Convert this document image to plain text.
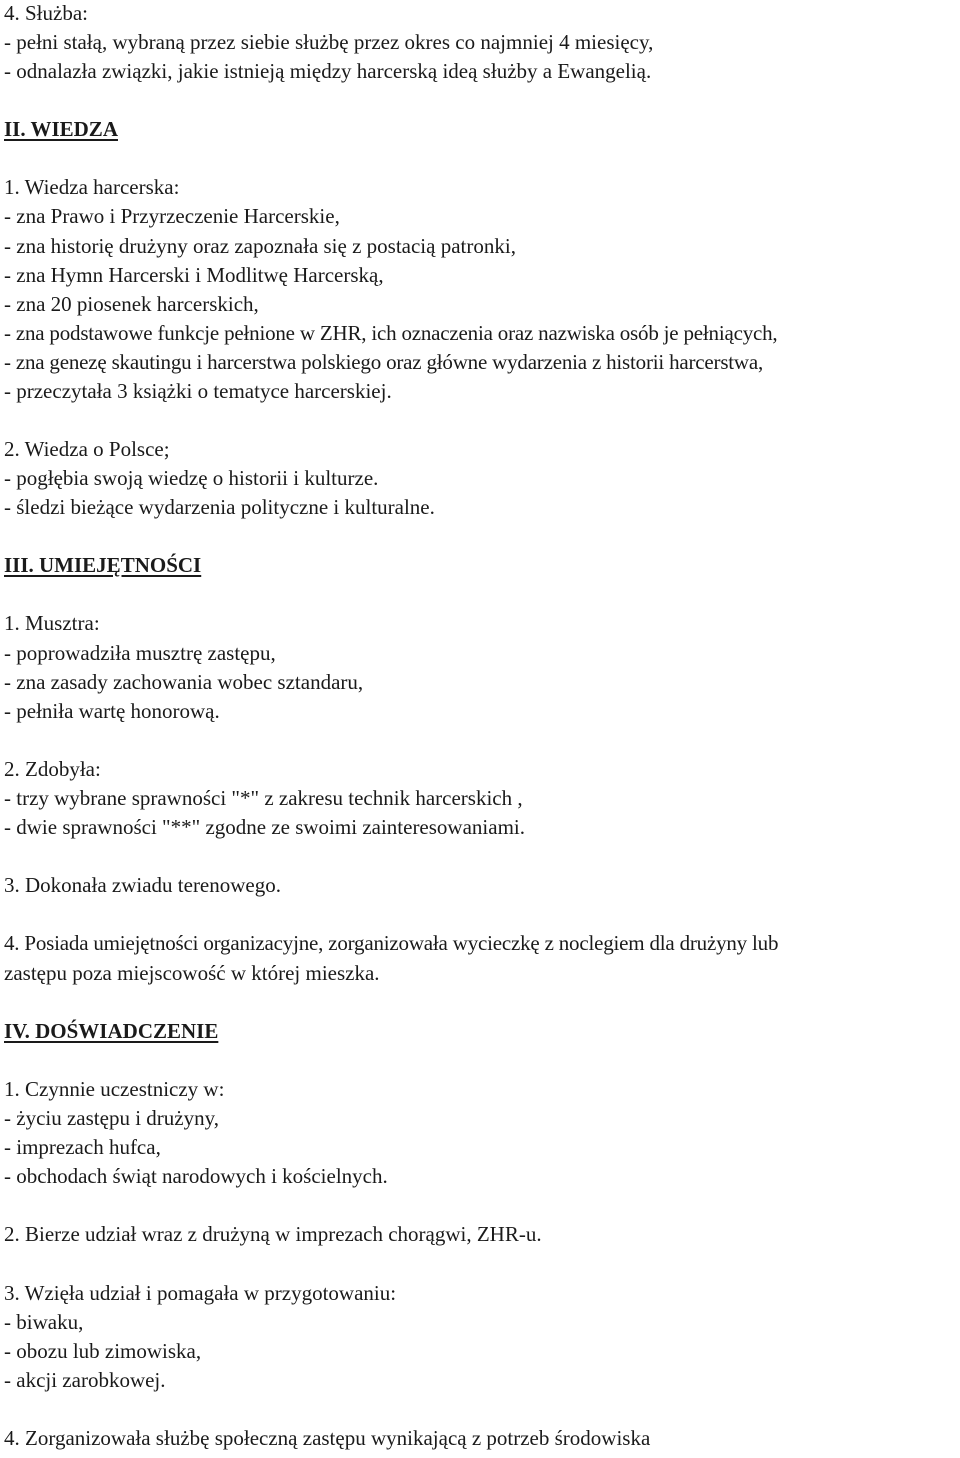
4. Służba:
- pełni stałą, wybraną przez siebie służbę przez okres co najmniej 4 miesięcy,
- odnalazła związki, jakie istnieją między harcerską ideą służby a Ewangelią.
II. WIEDZA
1. Wiedza harcerska:
- zna Prawo i Przyrzeczenie Harcerskie,
- zna historię drużyny oraz zapoznała się z postacią patronki,
- zna Hymn Harcerski i Modlitwę Harcerską,
- zna 20 piosenek harcerskich,
- zna podstawowe funkcje pełnione w ZHR, ich oznaczenia oraz nazwiska osób je pełniących,
- zna genezę skautingu i harcerstwa polskiego oraz główne wydarzenia z historii harcerstwa,
- przeczytała 3 książki o tematyce harcerskiej.
2. Wiedza o Polsce;
- pogłębia swoją wiedzę o historii i kulturze.
- śledzi bieżące wydarzenia polityczne i kulturalne.
III. UMIEJĘTNOŚCI
1. Musztra:
- poprowadziła musztrę zastępu,
- zna zasady zachowania wobec sztandaru,
- pełniła wartę honorową.
2. Zdobyła:
- trzy wybrane sprawności "*" z zakresu technik harcerskich ,
- dwie sprawności "**" zgodne ze swoimi zainteresowaniami.
3. Dokonała zwiadu terenowego.
4. Posiada umiejętności organizacyjne, zorganizowała wycieczkę z noclegiem dla drużyny lub
zastępu poza miejscowość w której mieszka.
IV. DOŚWIADCZENIE
1. Czynnie uczestniczy w:
- życiu zastępu i drużyny,
- imprezach hufca,
- obchodach świąt narodowych i kościelnych.
2. Bierze udział wraz z drużyną w imprezach chorągwi, ZHR-u.
3. Wzięła udział i pomagała w przygotowaniu:
- biwaku,
- obozu lub zimowiska,
- akcji zarobkowej.
4. Zorganizowała służbę społeczną zastępu wynikającą z potrzeb środowiska
